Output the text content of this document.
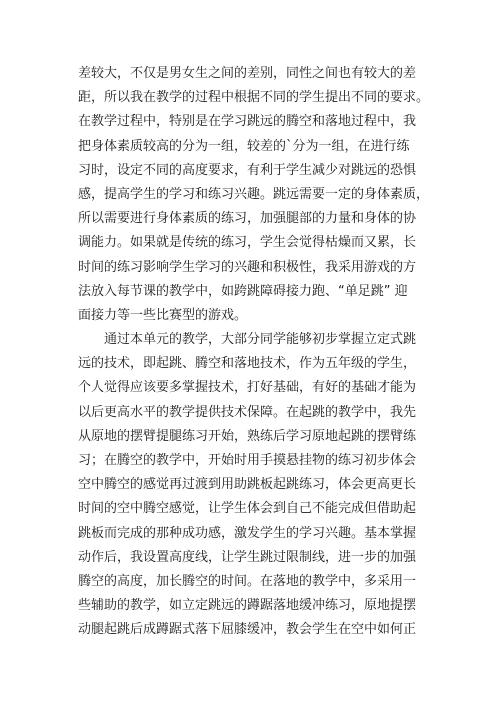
差较大，不仅是男女生之间的差别，同性之间也有较大的差
距，所以我在教学的过程中根据不同的学生提出不同的要求。
在教学过程中，特别是在学习跳远的腾空和落地过程中，我
把身体素质较高的分为一组，较差的`分为一组，在进行练
习时，设定不同的高度要求，有利于学生减少对跳远的恐惧
感，提高学生的学习和练习兴趣。跳远需要一定的身体素质，
所以需要进行身体素质的练习，加强腿部的力量和身体的协
调能力。如果就是传统的练习，学生会觉得枯燥而又累，长
时间的练习影响学生学习的兴趣和积极性，我采用游戏的方
法放入每节课的教学中，如跨跳障碍接力跑、“单足跳” 迎
面接力等一些比赛型的游戏。
　　通过本单元的教学，大部分同学能够初步掌握立定式跳
远的技术，即起跳、腾空和落地技术，作为五年级的学生，
个人觉得应该要多掌握技术，打好基础，有好的基础才能为
以后更高水平的教学提供技术保障。在起跳的教学中，我先
从原地的摆臂提腿练习开始，熟练后学习原地起跳的摆臂练
习；在腾空的教学中，开始时用手摸悬挂物的练习初步体会
空中腾空的感觉再过渡到用助跳板起跳练习，体会更高更长
时间的空中腾空感觉，让学生体会到自己不能完成但借助起
跳板而完成的那种成功感，激发学生的学习兴趣。基本掌握
动作后，我设置高度线，让学生跳过限制线，进一步的加强
腾空的高度，加长腾空的时间。在落地的教学中，多采用一
些辅助的教学，如立定跳远的蹲踞落地缓冲练习，原地提摆
动腿起跳后成蹲踞式落下屈膝缓冲，教会学生在空中如何正
